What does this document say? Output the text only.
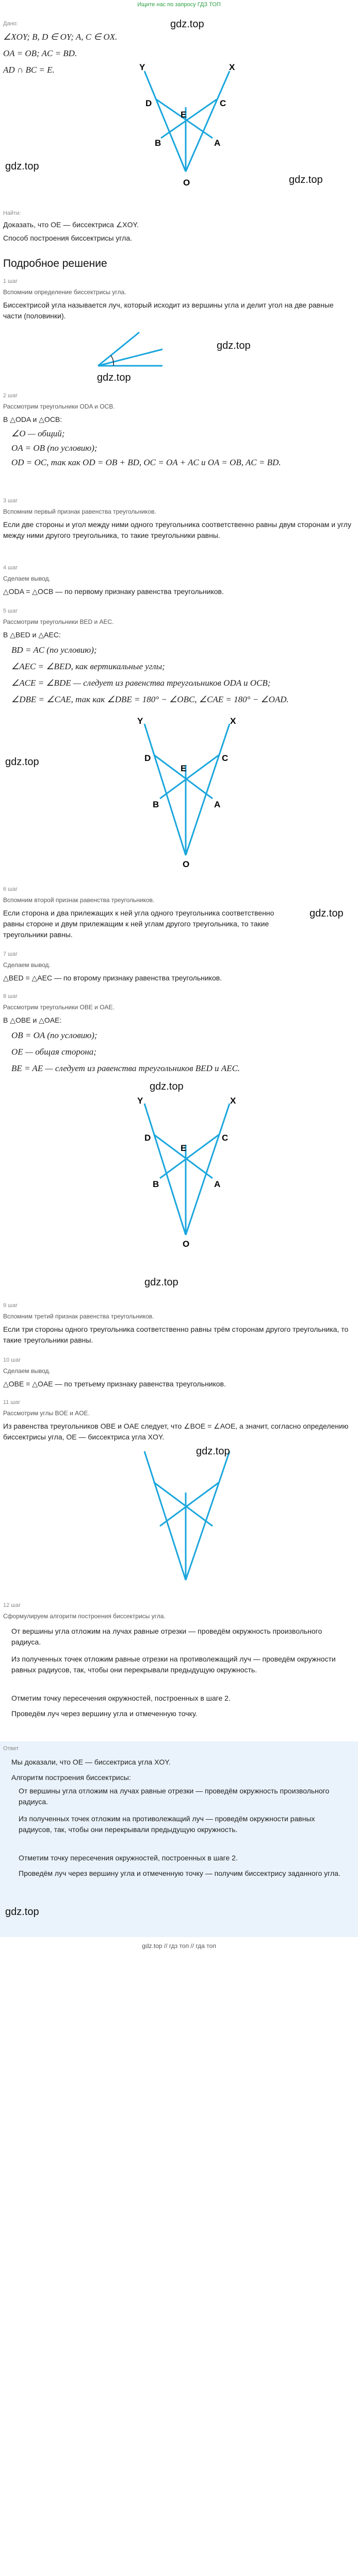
Ищите нас по запросу ГДЗ ТОП
Дано:
∠XOY; B, D ∈ OY; A, C ∈ OX.
OA = OB; AC = BD.
AD ∩ BC = E.
gdz.top
gdz.top
gdz.top
Y	X
D	C
E
B	A
O
Найти:
Доказать, что OE — биссектриса ∠XOY.
Способ построения биссектрисы угла.
Подробное решение
1 шаг
Вспомним определение биссектрисы угла.
Биссектрисой угла называется луч, который исходит из вершины угла и делит угол на две равные части (половинки).
gdz.top
gdz.top
2 шаг
Рассмотрим треугольники ODA и OCB.
В △ODA и △OCB:
∠O — общий;
OA = OB (по условию);
OD = OC, так как OD = OB + BD, OC = OA + AC и OA = OB, AC = BD.
3 шаг
Вспомним первый признак равенства треугольников.
Если две стороны и угол между ними одного треугольника соответственно равны двум сторонам и углу между ними другого треугольника, то такие треугольники равны.
4 шаг
Сделаем вывод.
△ODA = △OCB — по первому признаку равенства треугольников.
5 шаг
Рассмотрим треугольники BED и AEC.
В △BED и △AEC:
BD = AC (по условию);
∠AEC = ∠BED, как вертикальные углы;
∠ACE = ∠BDE — следует из равенства треугольников ODA и OCB;
∠DBE = ∠CAE, так как ∠DBE = 180° − ∠OBC, ∠CAE = 180° − ∠OAD.
Y	X
D	C
E
B	A
O
gdz.top
6 шаг
Вспомним второй признак равенства треугольников.
Если сторона и два прилежащих к ней угла одного треугольника соответственно равны стороне и двум прилежащим к ней углам другого треугольника, то такие треугольники равны.
gdz.top
7 шаг
Сделаем вывод.
△BED = △AEC — по второму признаку равенства треугольников.
8 шаг
Рассмотрим треугольники OBE и OAE.
В △OBE и △OAE:
OB = OA (по условию);
OE — общая сторона;
BE = AE — следует из равенства треугольников BED и AEC.
gdz.top
Y	X
D	C
E
B	A
O
gdz.top
9 шаг
Вспомним третий признак равенства треугольников.
Если три стороны одного треугольника соответственно равны трём сторонам другого треугольника, то такие треугольники равны.
10 шаг
Сделаем вывод.
△OBE = △OAE — по третьему признаку равенства треугольников.
11 шаг
Рассмотрим углы BOE и AOE.
Из равенства треугольников OBE и OAE следует, что ∠BOE = ∠AOE, а значит, согласно определению биссектрисы угла, OE — биссектриса угла XOY.
gdz.top
12 шаг
Сформулируем алгоритм построения биссектрисы угла.
От вершины угла отложим на лучах равные отрезки — проведём окружность произвольного радиуса.
Из полученных точек отложим равные отрезки на противолежащий луч — проведём окружности равных радиусов, так, чтобы они перекрывали предыдущую окружность.
Отметим точку пересечения окружностей, построенных в шаге 2.
Проведём луч через вершину угла и отмеченную точку.
Ответ
Мы доказали, что OE — биссектриса угла XOY.
Алгоритм построения биссектрисы:
От вершины угла отложим на лучах равные отрезки — проведём окружность произвольного радиуса.
Из полученных точек отложим на противолежащий луч — проведём окружности равных радиусов, так, чтобы они перекрывали предыдущую окружность.
Отметим точку пересечения окружностей, построенных в шаге 2.
Проведём луч через вершину угла и отмеченную точку — получим биссектрису заданного угла.
gdz.top
gdz.top // гдз топ // гда топ
